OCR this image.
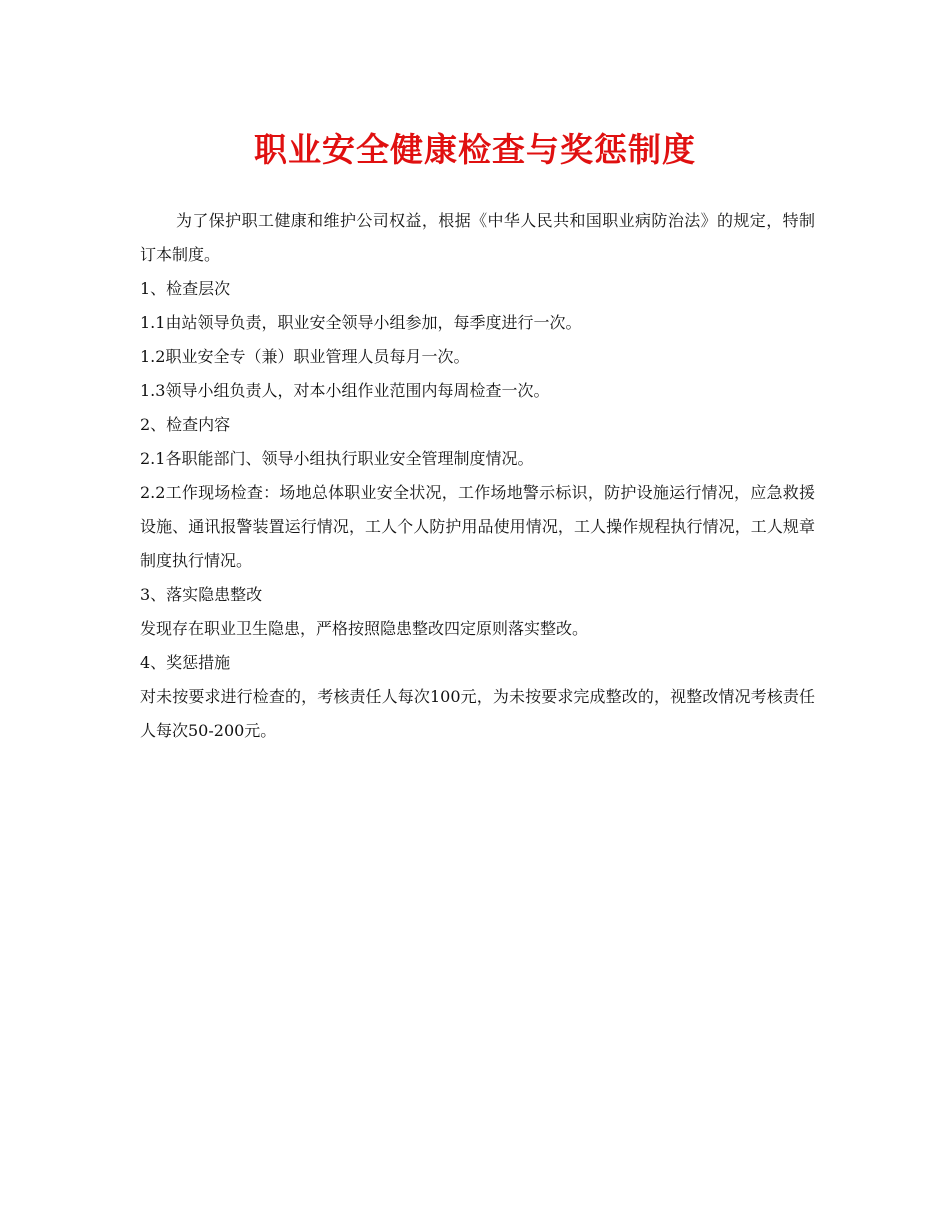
职业安全健康检查与奖惩制度

为了保护职工健康和维护公司权益，根据《中华人民共和国职业病防治法》的规定，特制订本制度。

1、检查层次

1.1由站领导负责，职业安全领导小组参加，每季度进行一次。

1.2职业安全专（兼）职业管理人员每月一次。

1.3领导小组负责人，对本小组作业范围内每周检查一次。

2、检查内容

2.1各职能部门、领导小组执行职业安全管理制度情况。

2.2工作现场检查：场地总体职业安全状况，工作场地警示标识，防护设施运行情况，应急救援设施、通讯报警装置运行情况，工人个人防护用品使用情况，工人操作规程执行情况，工人规章制度执行情况。

3、落实隐患整改

发现存在职业卫生隐患，严格按照隐患整改四定原则落实整改。

4、奖惩措施

对未按要求进行检查的，考核责任人每次100元，为未按要求完成整改的，视整改情况考核责任人每次50-200元。
